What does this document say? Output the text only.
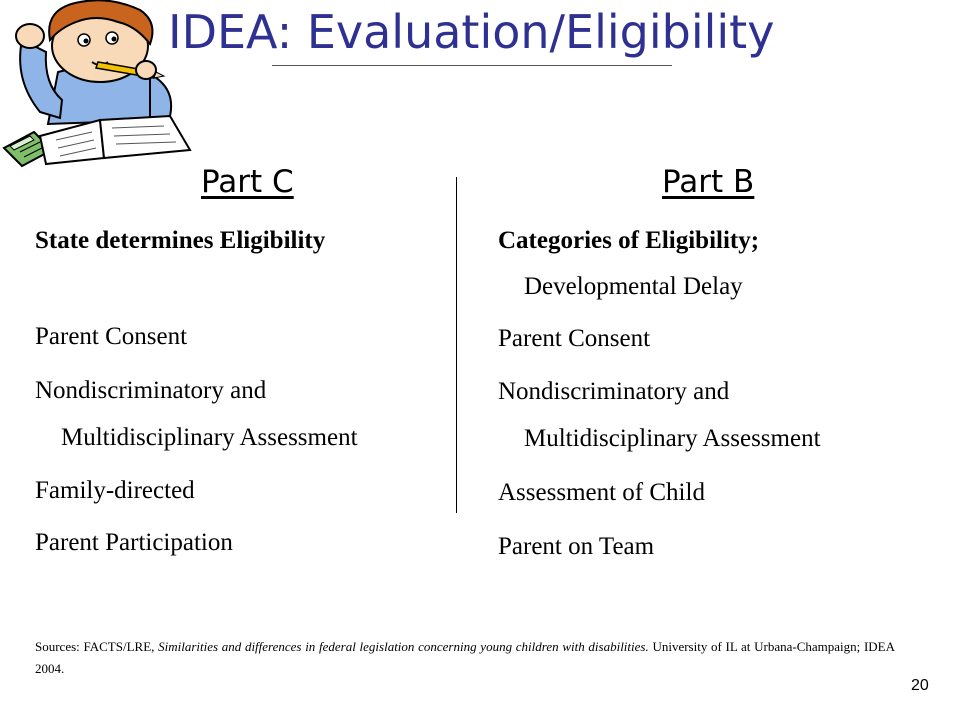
IDEA: Evaluation/Eligibility
Part C	Part B
State determines Eligibility
Parent Consent
Nondiscriminatory and
Multidisciplinary Assessment
Family-directed
Parent Participation
Categories of Eligibility;
Developmental Delay
Parent Consent
Nondiscriminatory and
Multidisciplinary Assessment
Assessment of Child
Parent on Team
Sources: FACTS/LRE, Similarities and differences in federal legislation concerning young children with disabilities. University of IL at Urbana-Champaign; IDEA 2004.
20
